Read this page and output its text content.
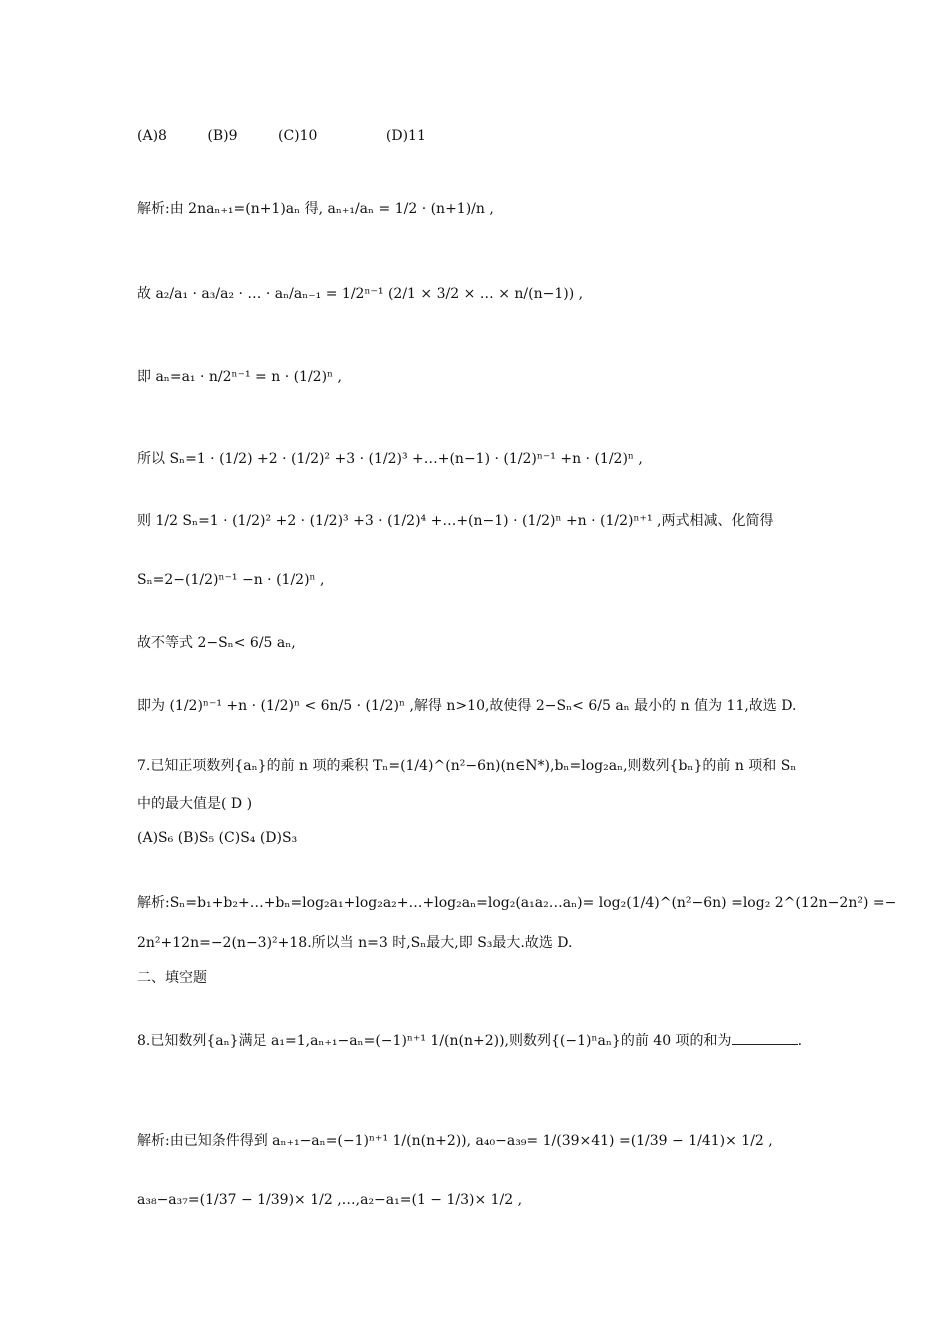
(A)8	(B)9	(C)10	(D)11
解析:由 2naₙ₊₁=(n+1)aₙ 得, aₙ₊₁/aₙ = 1/2 · (n+1)/n ,
故 a₂/a₁ · a₃/a₂ · … · aₙ/aₙ₋₁ = 1/2ⁿ⁻¹ (2/1 × 3/2 × … × n/(n−1)) ,
即 aₙ=a₁ · n/2ⁿ⁻¹ = n · (1/2)ⁿ ,
所以 Sₙ=1 · (1/2) +2 · (1/2)² +3 · (1/2)³ +…+(n−1) · (1/2)ⁿ⁻¹ +n · (1/2)ⁿ ,
则 1/2 Sₙ=1 · (1/2)² +2 · (1/2)³ +3 · (1/2)⁴ +…+(n−1) · (1/2)ⁿ +n · (1/2)ⁿ⁺¹ ,两式相减、化简得
Sₙ=2−(1/2)ⁿ⁻¹ −n · (1/2)ⁿ ,
故不等式 2−Sₙ< 6/5 aₙ,
即为 (1/2)ⁿ⁻¹ +n · (1/2)ⁿ < 6n/5 · (1/2)ⁿ ,解得 n>10,故使得 2−Sₙ< 6/5 aₙ 最小的 n 值为 11,故选 D.
7.已知正项数列{aₙ}的前 n 项的乘积 Tₙ=(1/4)^(n²−6n)(n∈N*),bₙ=log₂aₙ,则数列{bₙ}的前 n 项和 Sₙ
中的最大值是( D )
(A)S₆ (B)S₅ (C)S₄ (D)S₃
解析:Sₙ=b₁+b₂+…+bₙ=log₂a₁+log₂a₂+…+log₂aₙ=log₂(a₁a₂…aₙ)= log₂(1/4)^(n²−6n) =log₂ 2^(12n−2n²) =−
2n²+12n=−2(n−3)²+18.所以当 n=3 时,Sₙ最大,即 S₃最大.故选 D.
二、填空题
8.已知数列{aₙ}满足 a₁=1,aₙ₊₁−aₙ=(−1)ⁿ⁺¹ 1/(n(n+2)),则数列{(−1)ⁿaₙ}的前 40 项的和为	.
解析:由已知条件得到 aₙ₊₁−aₙ=(−1)ⁿ⁺¹ 1/(n(n+2)), a₄₀−a₃₉= 1/(39×41) =(1/39 − 1/41)× 1/2 ,
a₃₈−a₃₇=(1/37 − 1/39)× 1/2 ,…,a₂−a₁=(1 − 1/3)× 1/2 ,
